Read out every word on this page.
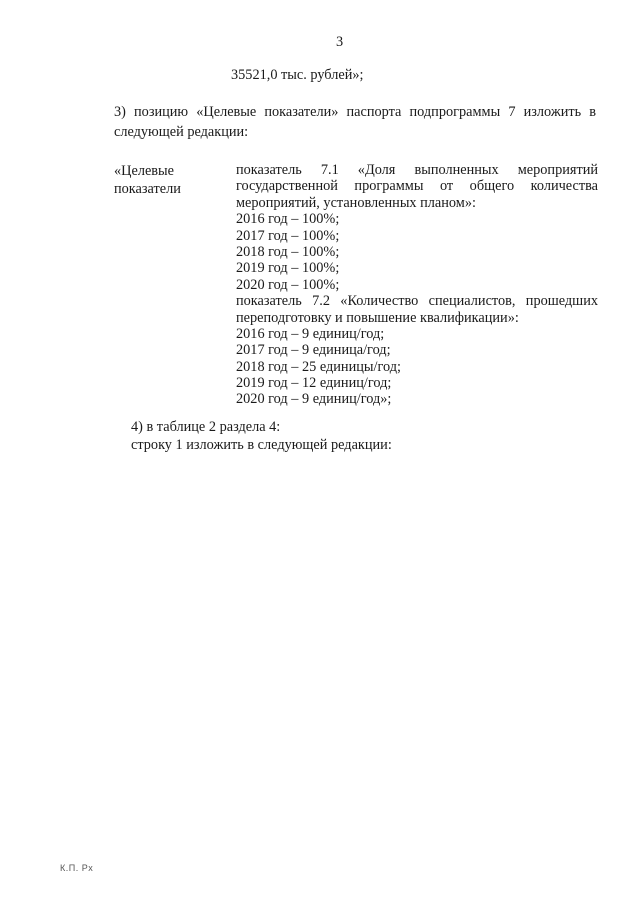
3
35521,0 тыс. рублей»;
3) позицию «Целевые показатели» паспорта подпрограммы 7 изложить в
следующей редакции:
«Целевые
показатели
показатель 7.1 «Доля выполненных мероприятий
государственной программы от общего количества
мероприятий, установленных планом»:
2016 год – 100%;
2017 год – 100%;
2018 год – 100%;
2019 год – 100%;
2020 год – 100%;
показатель 7.2 «Количество специалистов, прошедших
переподготовку и повышение квалификации»:
2016 год – 9 единиц/год;
2017 год – 9 единица/год;
2018 год – 25 единицы/год;
2019 год – 12 единиц/год;
2020 год – 9 единиц/год»;
4) в таблице 2 раздела 4:
строку 1 изложить в следующей редакции:
К.П. Рх
